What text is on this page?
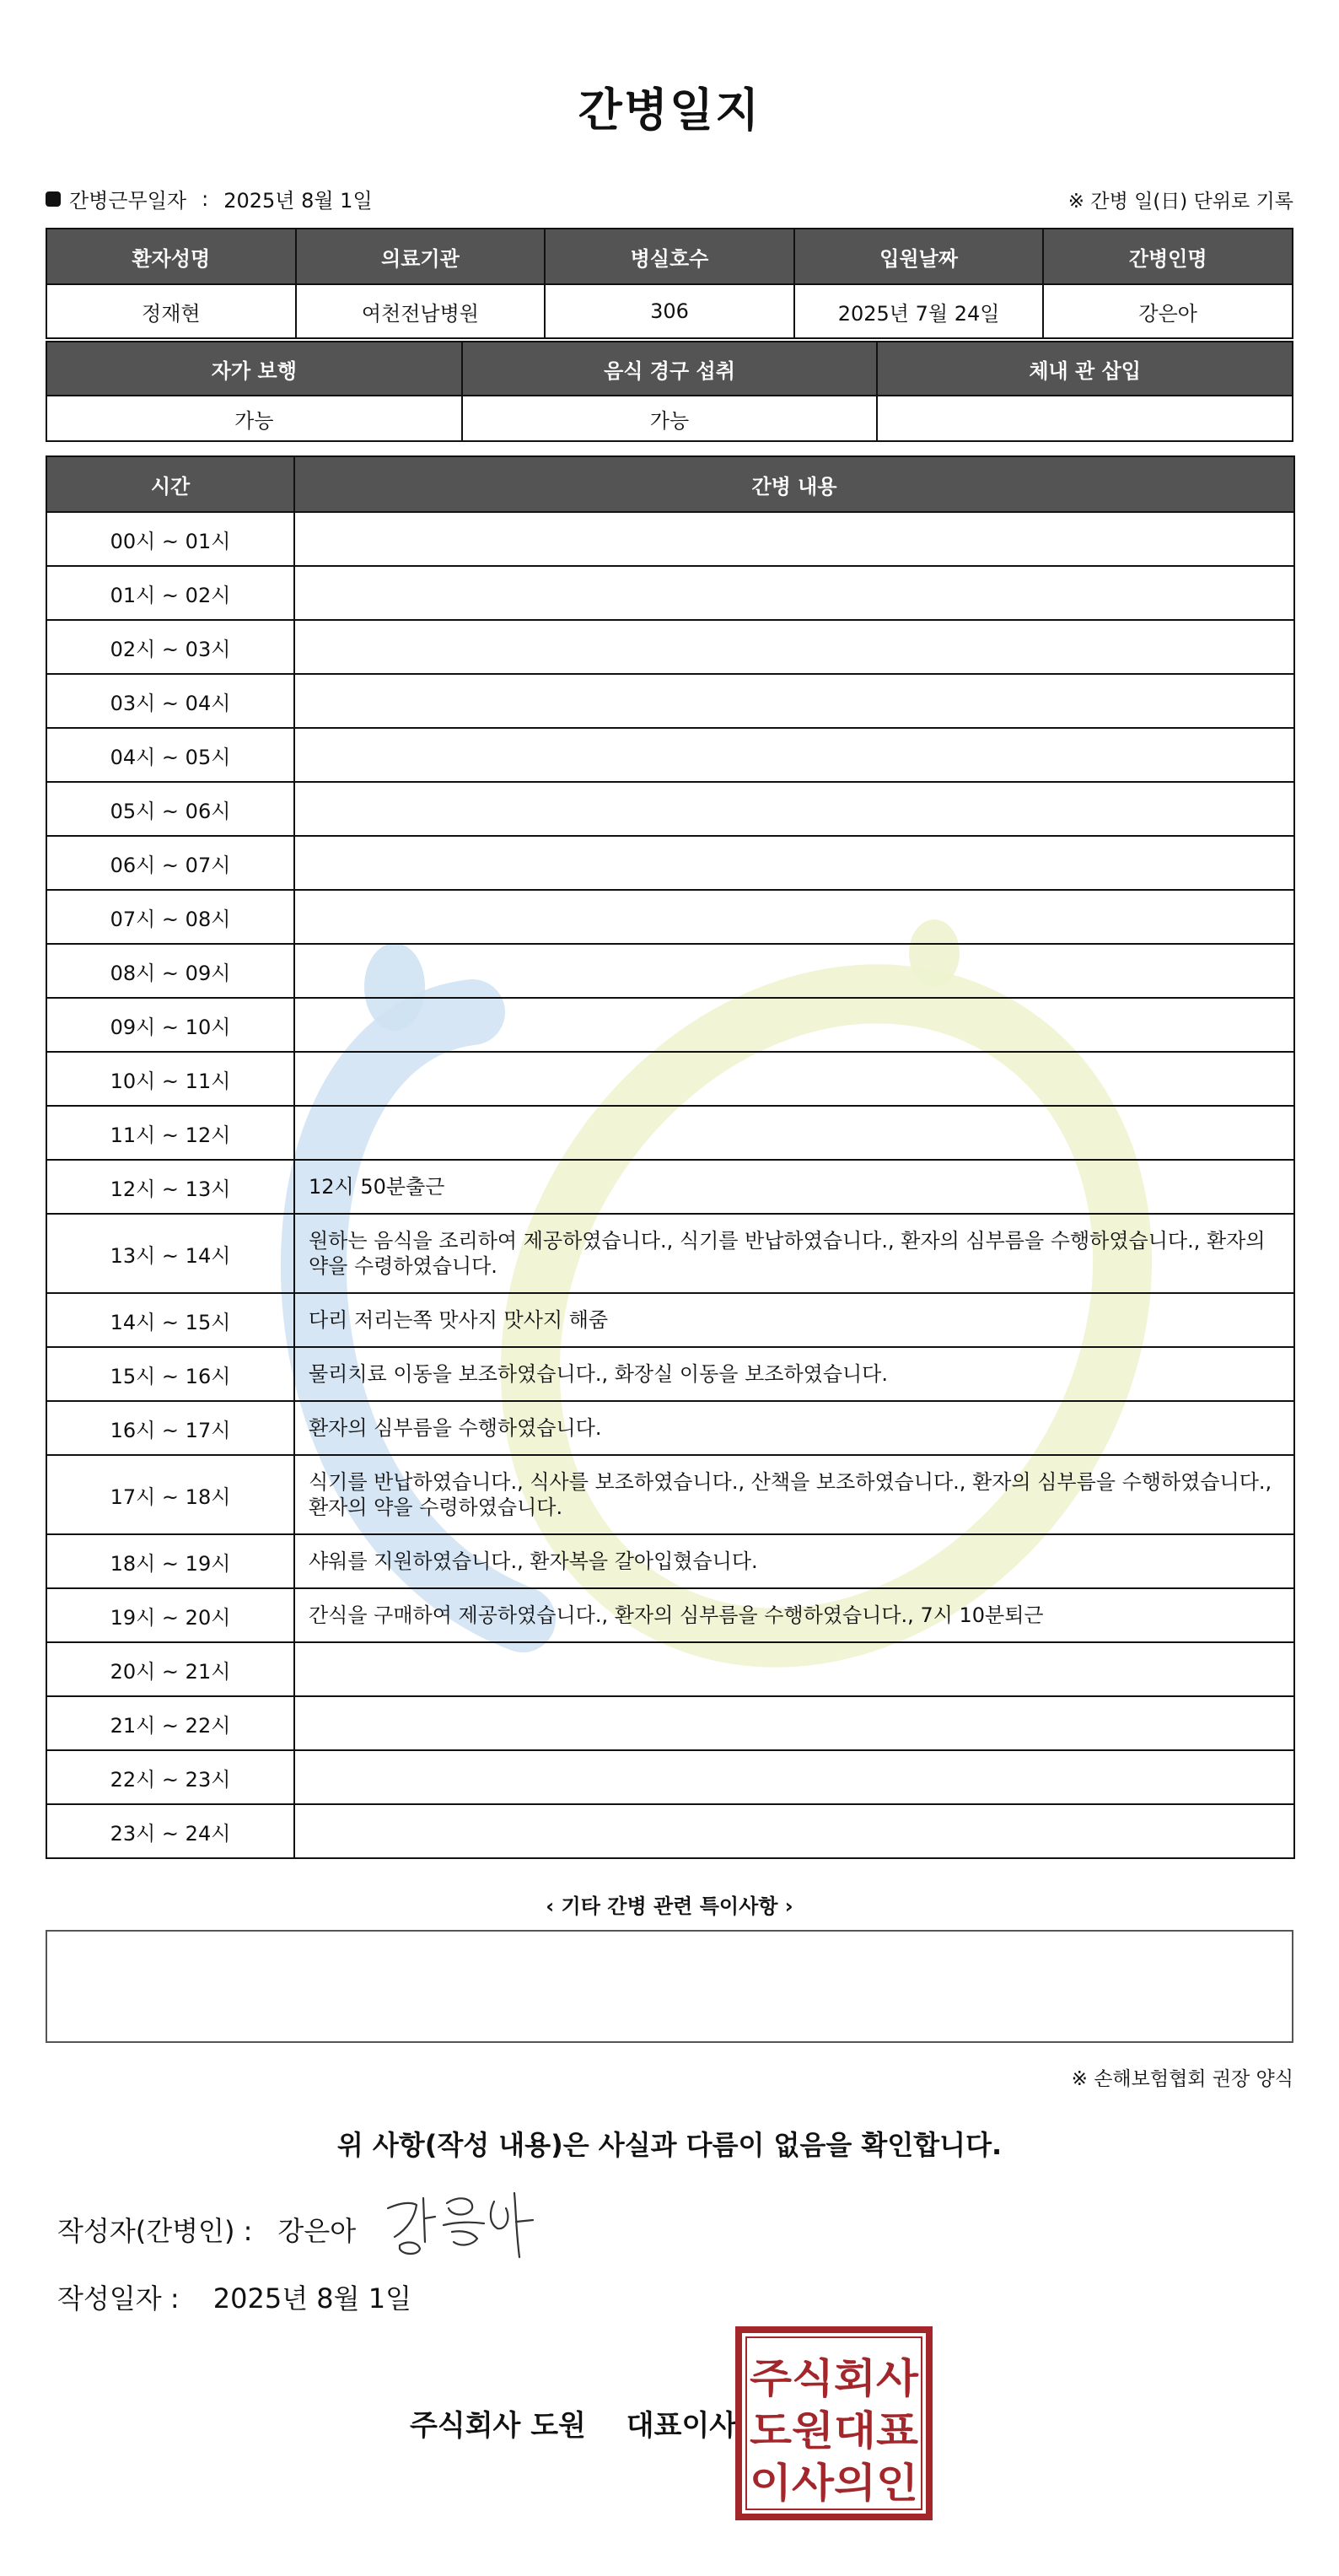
간병일지
간병근무일자 : 2025년 8월 1일	※ 간병 일(日) 단위로 기록
환자성명	의료기관	병실호수	입원날짜	간병인명
정재현	여천전남병원	306	2025년 7월 24일	강은아
자가 보행	음식 경구 섭취	체내 관 삽입
가능	가능	
시간	간병 내용
00시 ~ 01시	
01시 ~ 02시	
02시 ~ 03시	
03시 ~ 04시	
04시 ~ 05시	
05시 ~ 06시	
06시 ~ 07시	
07시 ~ 08시	
08시 ~ 09시	
09시 ~ 10시	
10시 ~ 11시	
11시 ~ 12시	
12시 ~ 13시	12시 50분출근
13시 ~ 14시	원하는 음식을 조리하여 제공하였습니다., 식기를 반납하였습니다., 환자의 심부름을 수행하였습니다., 환자의 약을 수령하였습니다.
14시 ~ 15시	다리 저리는쪽 맛사지 맛사지 해줌
15시 ~ 16시	물리치료 이동을 보조하였습니다., 화장실 이동을 보조하였습니다.
16시 ~ 17시	환자의 심부름을 수행하였습니다.
17시 ~ 18시	식기를 반납하였습니다., 식사를 보조하였습니다., 산책을 보조하였습니다., 환자의 심부름을 수행하였습니다., 환자의 약을 수령하였습니다.
18시 ~ 19시	샤워를 지원하였습니다., 환자복을 갈아입혔습니다.
19시 ~ 20시	간식을 구매하여 제공하였습니다., 환자의 심부름을 수행하였습니다., 7시 10분퇴근
20시 ~ 21시	
21시 ~ 22시	
22시 ~ 23시	
23시 ~ 24시	
‹ 기타 간병 관련 특이사항 ›
※ 손해보험협회 권장 양식
위 사항(작성 내용)은 사실과 다름이 없음을 확인합니다.
작성자(간병인) : 강은아
작성일자 : 2025년 8월 1일
주식회사 도원 대표이사
주식회사
도원대표
이사의인
